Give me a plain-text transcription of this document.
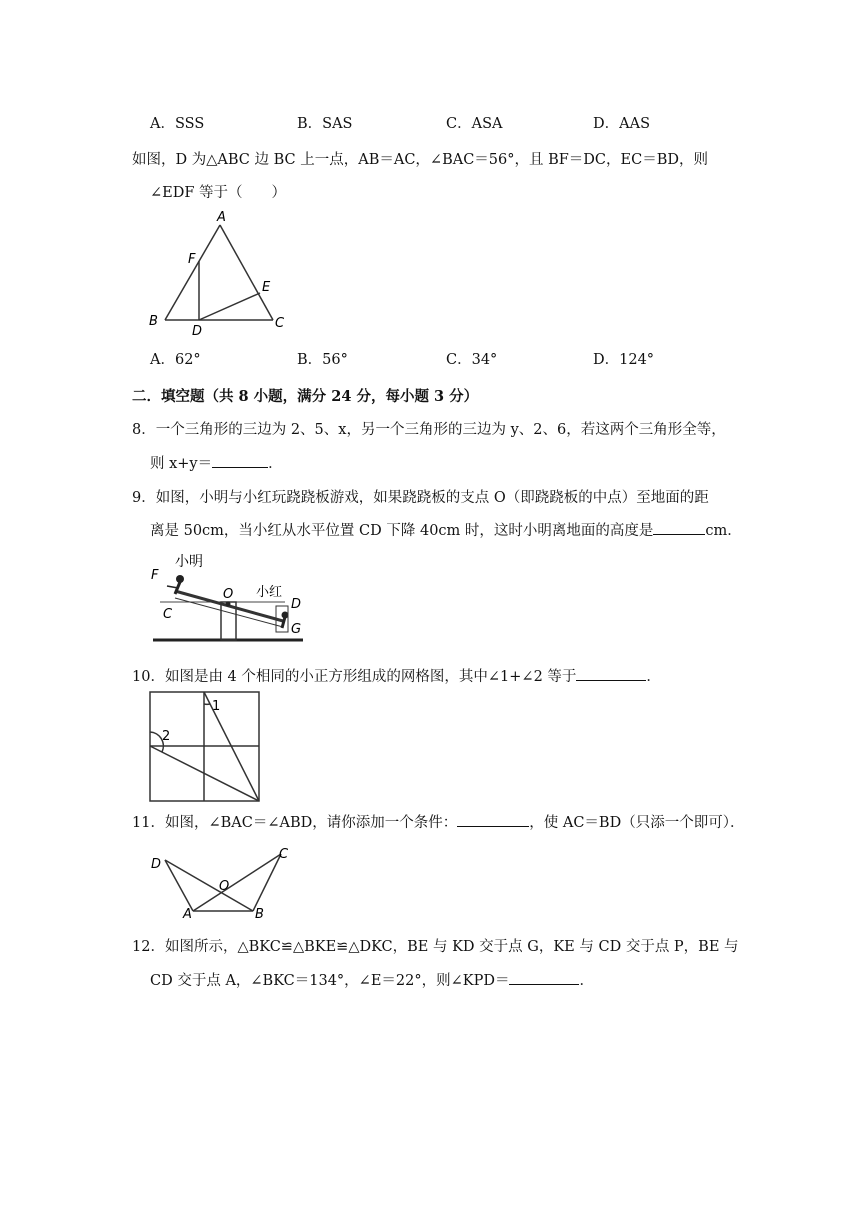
A．SSS	B．SAS	C．ASA	D．AAS
如图，D 为△ABC 边 BC 上一点，AB＝AC，∠BAC＝56°，且 BF＝DC，EC＝BD，则
∠EDF 等于（　　）
A
F
E
B
D
C
A．62°	B．56°	C．34°	D．124°
二．填空题（共 8 小题，满分 24 分，每小题 3 分）
8．一个三角形的三边为 2、5、x，另一个三角形的三边为 y、2、6，若这两个三角形全等，
则 x+y＝	．
9．如图，小明与小红玩跷跷板游戏，如果跷跷板的支点 O（即跷跷板的中点）至地面的距
离是 50cm，当小红从水平位置 CD 下降 40cm 时，这时小明离地面的高度是	cm．
小明
小红
F
C
O
D
G
10．如图是由 4 个相同的小正方形组成的网格图，其中∠1+∠2 等于	．
1
2
11．如图，∠BAC＝∠ABD，请你添加一个条件：	，使 AC＝BD（只添一个即可）．
D
C
O
A	B
12．如图所示，△BKC≌△BKE≌△DKC，BE 与 KD 交于点 G，KE 与 CD 交于点 P，BE 与
CD 交于点 A，∠BKC＝134°，∠E＝22°，则∠KPD＝	．
